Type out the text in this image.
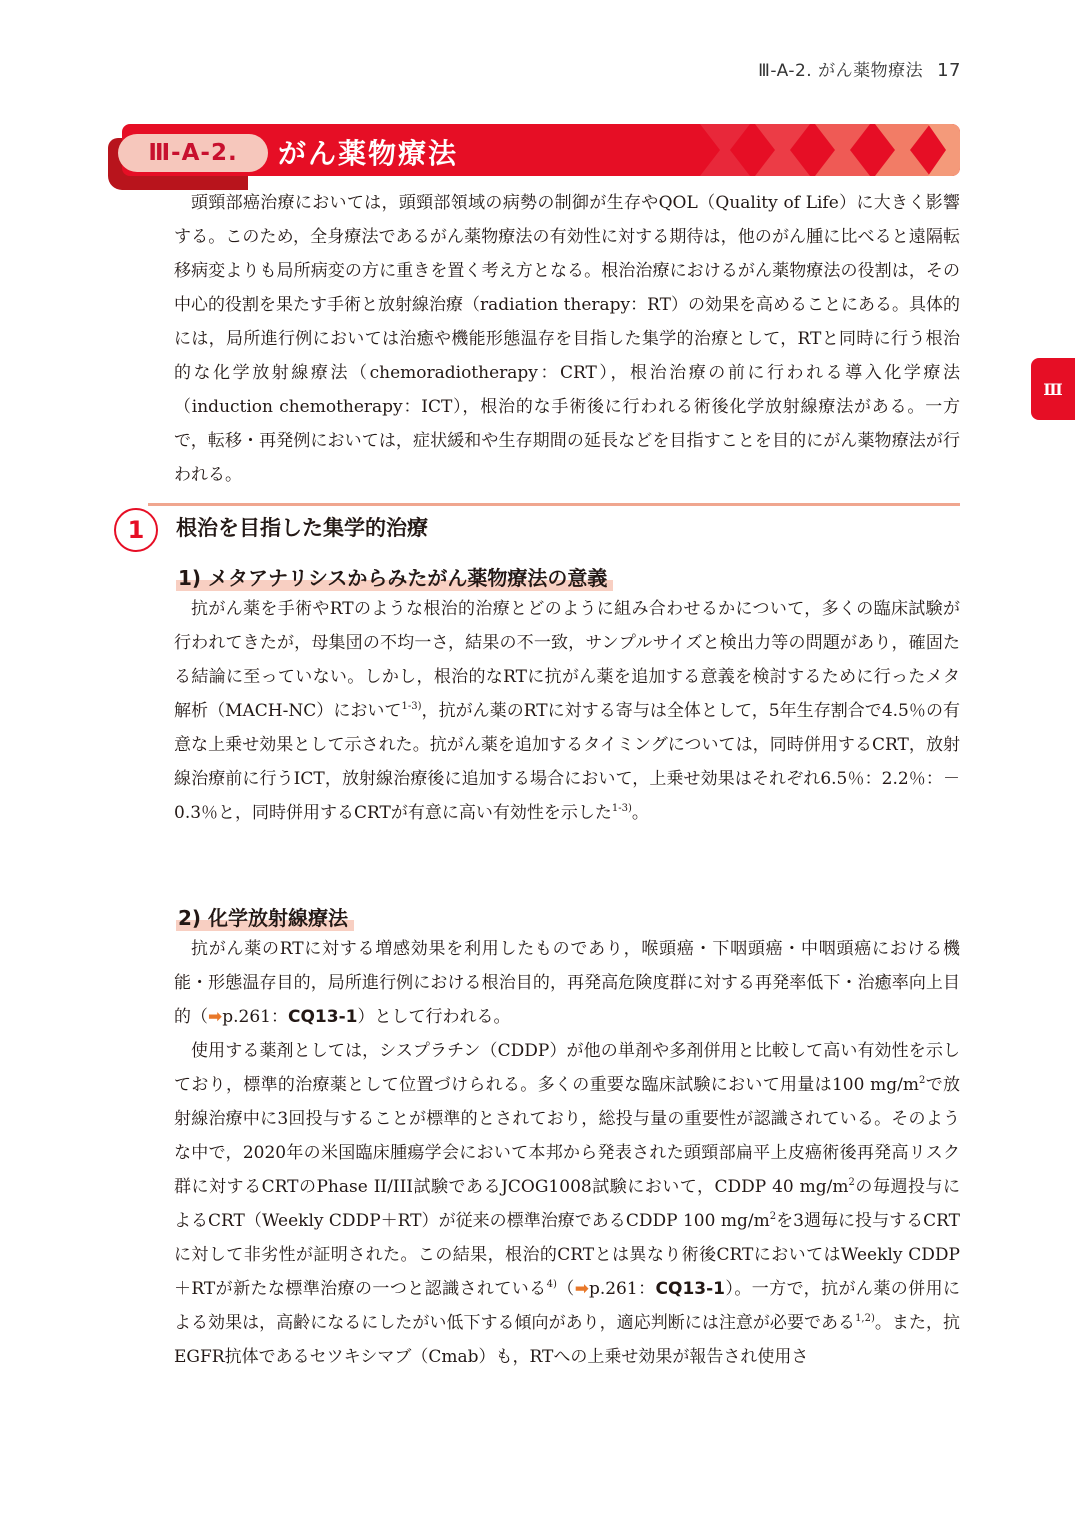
Ⅲ-A-2. がん薬物療法 17
Ⅲ-A-2.	がん薬物療法
Ⅲ

頭頸部癌治療においては，頭頸部領域の病勢の制御が生存やQOL（Quality of Life）に大きく影響する。このため，全身療法であるがん薬物療法の有効性に対する期待は，他のがん腫に比べると遠隔転移病変よりも局所病変の方に重きを置く考え方となる。根治治療におけるがん薬物療法の役割は，その中心的役割を果たす手術と放射線治療（radiation therapy：RT）の効果を高めることにある。具体的には，局所進行例においては治癒や機能形態温存を目指した集学的治療として，RTと同時に行う根治的な化学放射線療法（chemoradiotherapy：CRT），根治治療の前に行われる導入化学療法（induction chemotherapy：ICT），根治的な手術後に行われる術後化学放射線療法がある。一方で，転移・再発例においては，症状緩和や生存期間の延長などを目指すことを目的にがん薬物療法が行われる。

1	根治を目指した集学的治療
1) メタアナリシスからみたがん薬物療法の意義

抗がん薬を手術やRTのような根治的治療とどのように組み合わせるかについて，多くの臨床試験が行われてきたが，母集団の不均一さ，結果の不一致，サンプルサイズと検出力等の問題があり，確固たる結論に至っていない。しかし，根治的なRTに抗がん薬を追加する意義を検討するために行ったメタ解析（MACH-NC）において$^{1-3)}$，抗がん薬のRTに対する寄与は全体として，5年生存割合で4.5％の有意な上乗せ効果として示された。抗がん薬を追加するタイミングについては，同時併用するCRT，放射線治療前に行うICT，放射線治療後に追加する場合において，上乗せ効果はそれぞれ6.5％：2.2％：－0.3％と，同時併用するCRTが有意に高い有効性を示した$^{1-3)}$。

2) 化学放射線療法

抗がん薬のRTに対する増感効果を利用したものであり，喉頭癌・下咽頭癌・中咽頭癌における機能・形態温存目的，局所進行例における根治目的，再発高危険度群に対する再発率低下・治癒率向上目的（➡p.261：CQ13-1）として行われる。

使用する薬剤としては，シスプラチン（CDDP）が他の単剤や多剤併用と比較して高い有効性を示しており，標準的治療薬として位置づけられる。多くの重要な臨床試験において用量は100 $mg/m^2$で放射線治療中に3回投与することが標準的とされており，総投与量の重要性が認識されている。そのような中で，2020年の米国臨床腫瘍学会において本邦から発表された頭頸部扁平上皮癌術後再発高リスク群に対するCRTのPhase II/III試験であるJCOG1008試験において，CDDP 40 $mg/m^2$の毎週投与によるCRT（Weekly CDDP＋RT）が従来の標準治療であるCDDP 100 $mg/m^2$を3週毎に投与するCRTに対して非劣性が証明された。この結果，根治的CRTとは異なり術後CRTにおいてはWeekly CDDP＋RTが新たな標準治療の一つと認識されている$^{4)}$（➡p.261：CQ13-1）。一方で，抗がん薬の併用による効果は，高齢になるにしたがい低下する傾向があり，適応判断には注意が必要である$^{1,2)}$。また，抗EGFR抗体であるセツキシマブ（Cmab）も，RTへの上乗せ効果が報告され使用さ
